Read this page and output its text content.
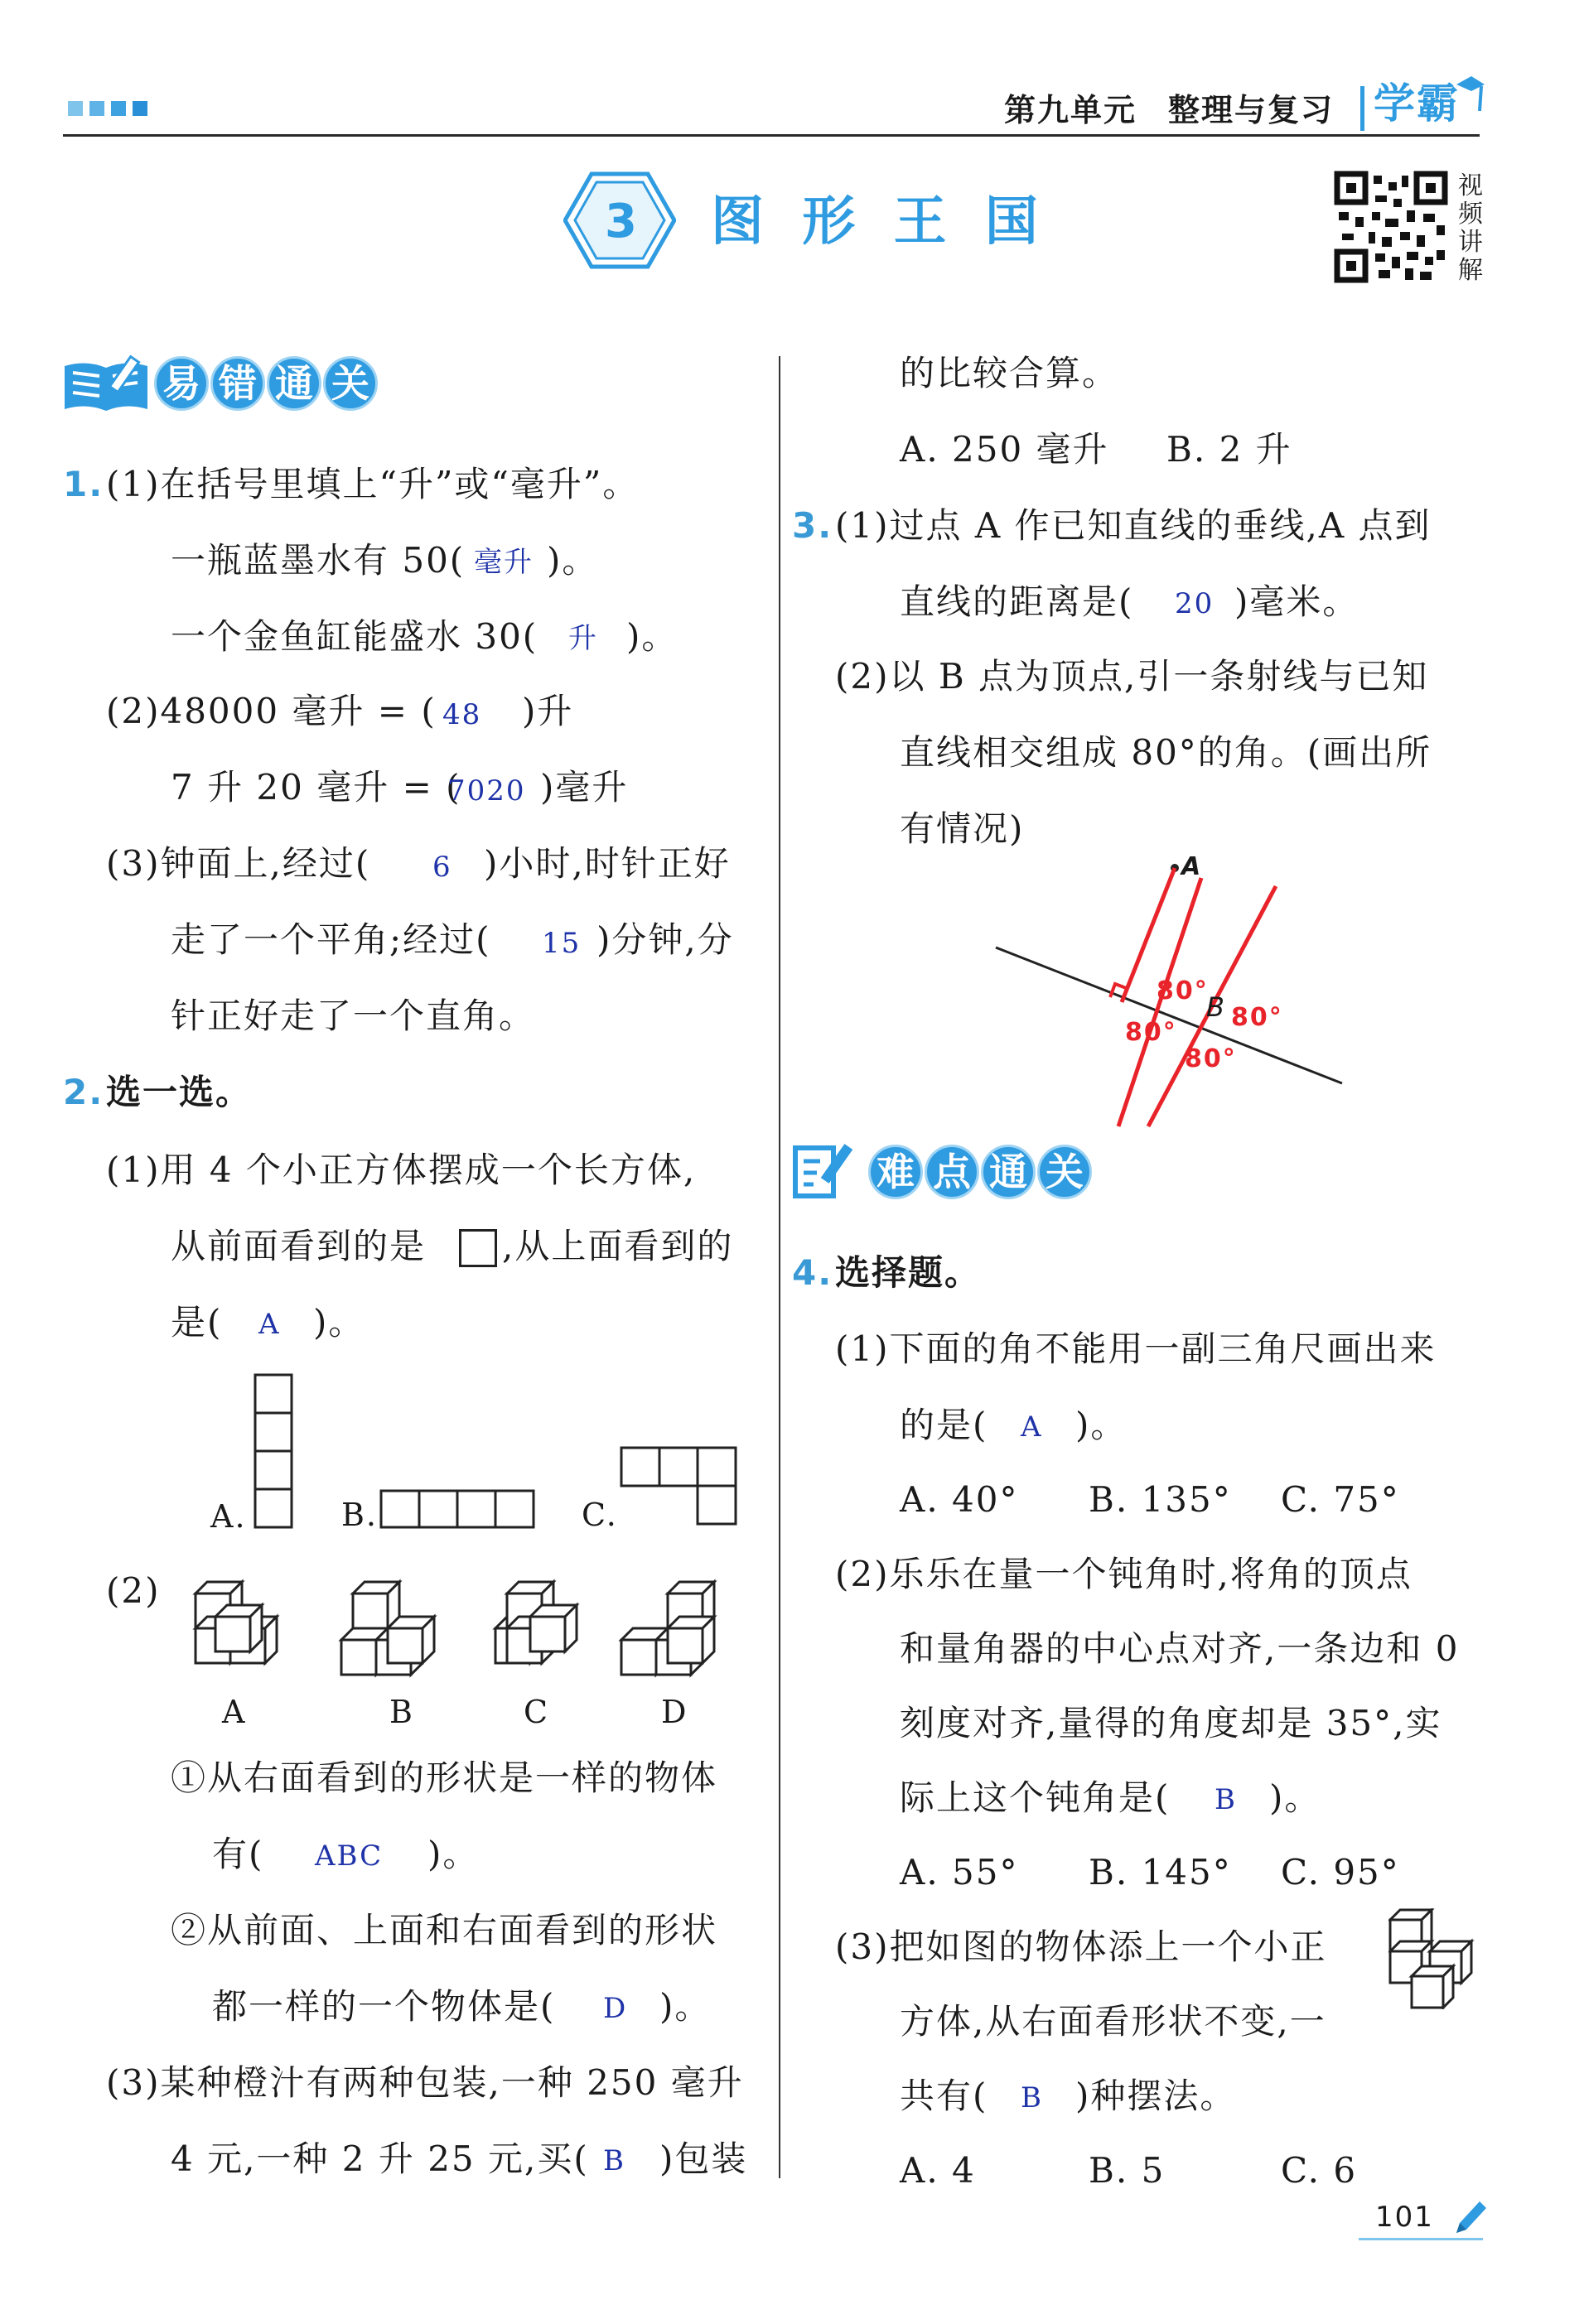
第九单元 整理与复习 学霸
3 图 形 王 国
视
频
讲
解
易 错 通 关
1. (1)在括号里填上“升”或“毫升”。
一瓶蓝墨水有 50( 毫升 )。
一个金鱼缸能盛水 30( 升 )。
(2)48000 毫升 = ( 48 )升
7 升 20 毫升 = (
7020 )毫升
(3)钟面上,经过( 6 )小时,时针正好
走了一个平角;经过( 15 )分钟,分
针正好走了一个直角。
2. 选一选。
(1)用 4 个小正方体摆成一个长方体,
从前面看到的是 ,从上面看到的
是( A )。
A.	B.	C.
(2)
A	B	C	D
①从右面看到的形状是一样的物体
有( ABC )。
②从前面、上面和右面看到的形状
都一样的一个物体是( D )。
(3)某种橙汁有两种包装,一种 250 毫升
4 元,一种 2 升 25 元,买( B )包装
的比较合算。
A. 250 毫升 B. 2 升
3. (1)过点 A 作已知直线的垂线,A 点到
直线的距离是( 20 )毫米。
(2)以 B 点为顶点,引一条射线与已知
直线相交组成 80°的角。(画出所
有情况)
A
B
80°
80°
80°
80°
难 点 通 关
4. 选择题。
(1)下面的角不能用一副三角尺画出来
的是( A )。
A. 40° B. 135° C. 75°
(2)乐乐在量一个钝角时,将角的顶点
和量角器的中心点对齐,一条边和 0
刻度对齐,量得的角度却是 35°,实
际上这个钝角是( B )。
A. 55° B. 145° C. 95°
(3)把如图的物体添上一个小正
方体,从右面看形状不变,一
共有( B )种摆法。
A. 4	B. 5	C. 6
101
